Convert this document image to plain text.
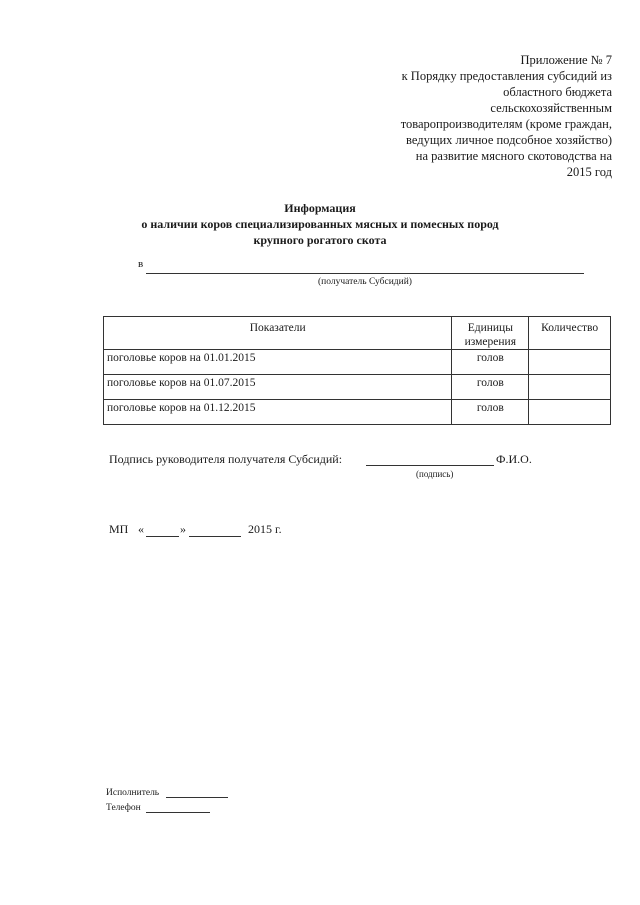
Приложение № 7
к Порядку предоставления субсидий из
областного бюджета
сельскохозяйственным
товаропроизводителям (кроме граждан,
ведущих личное подсобное хозяйство)
на развитие мясного скотоводства на
2015 год
Информация
о наличии коров специализированных мясных и помесных пород
крупного рогатого скота
в
(получатель Субсидий)
Показатели	Единицы измерения	Количество
поголовье коров на 01.01.2015	голов	
поголовье коров на 01.07.2015	голов	
поголовье коров на 01.12.2015	голов	
Подпись руководителя получателя Субсидий:	Ф.И.О.
(подпись)
МП «	»	2015 г.
Исполнитель
Телефон
